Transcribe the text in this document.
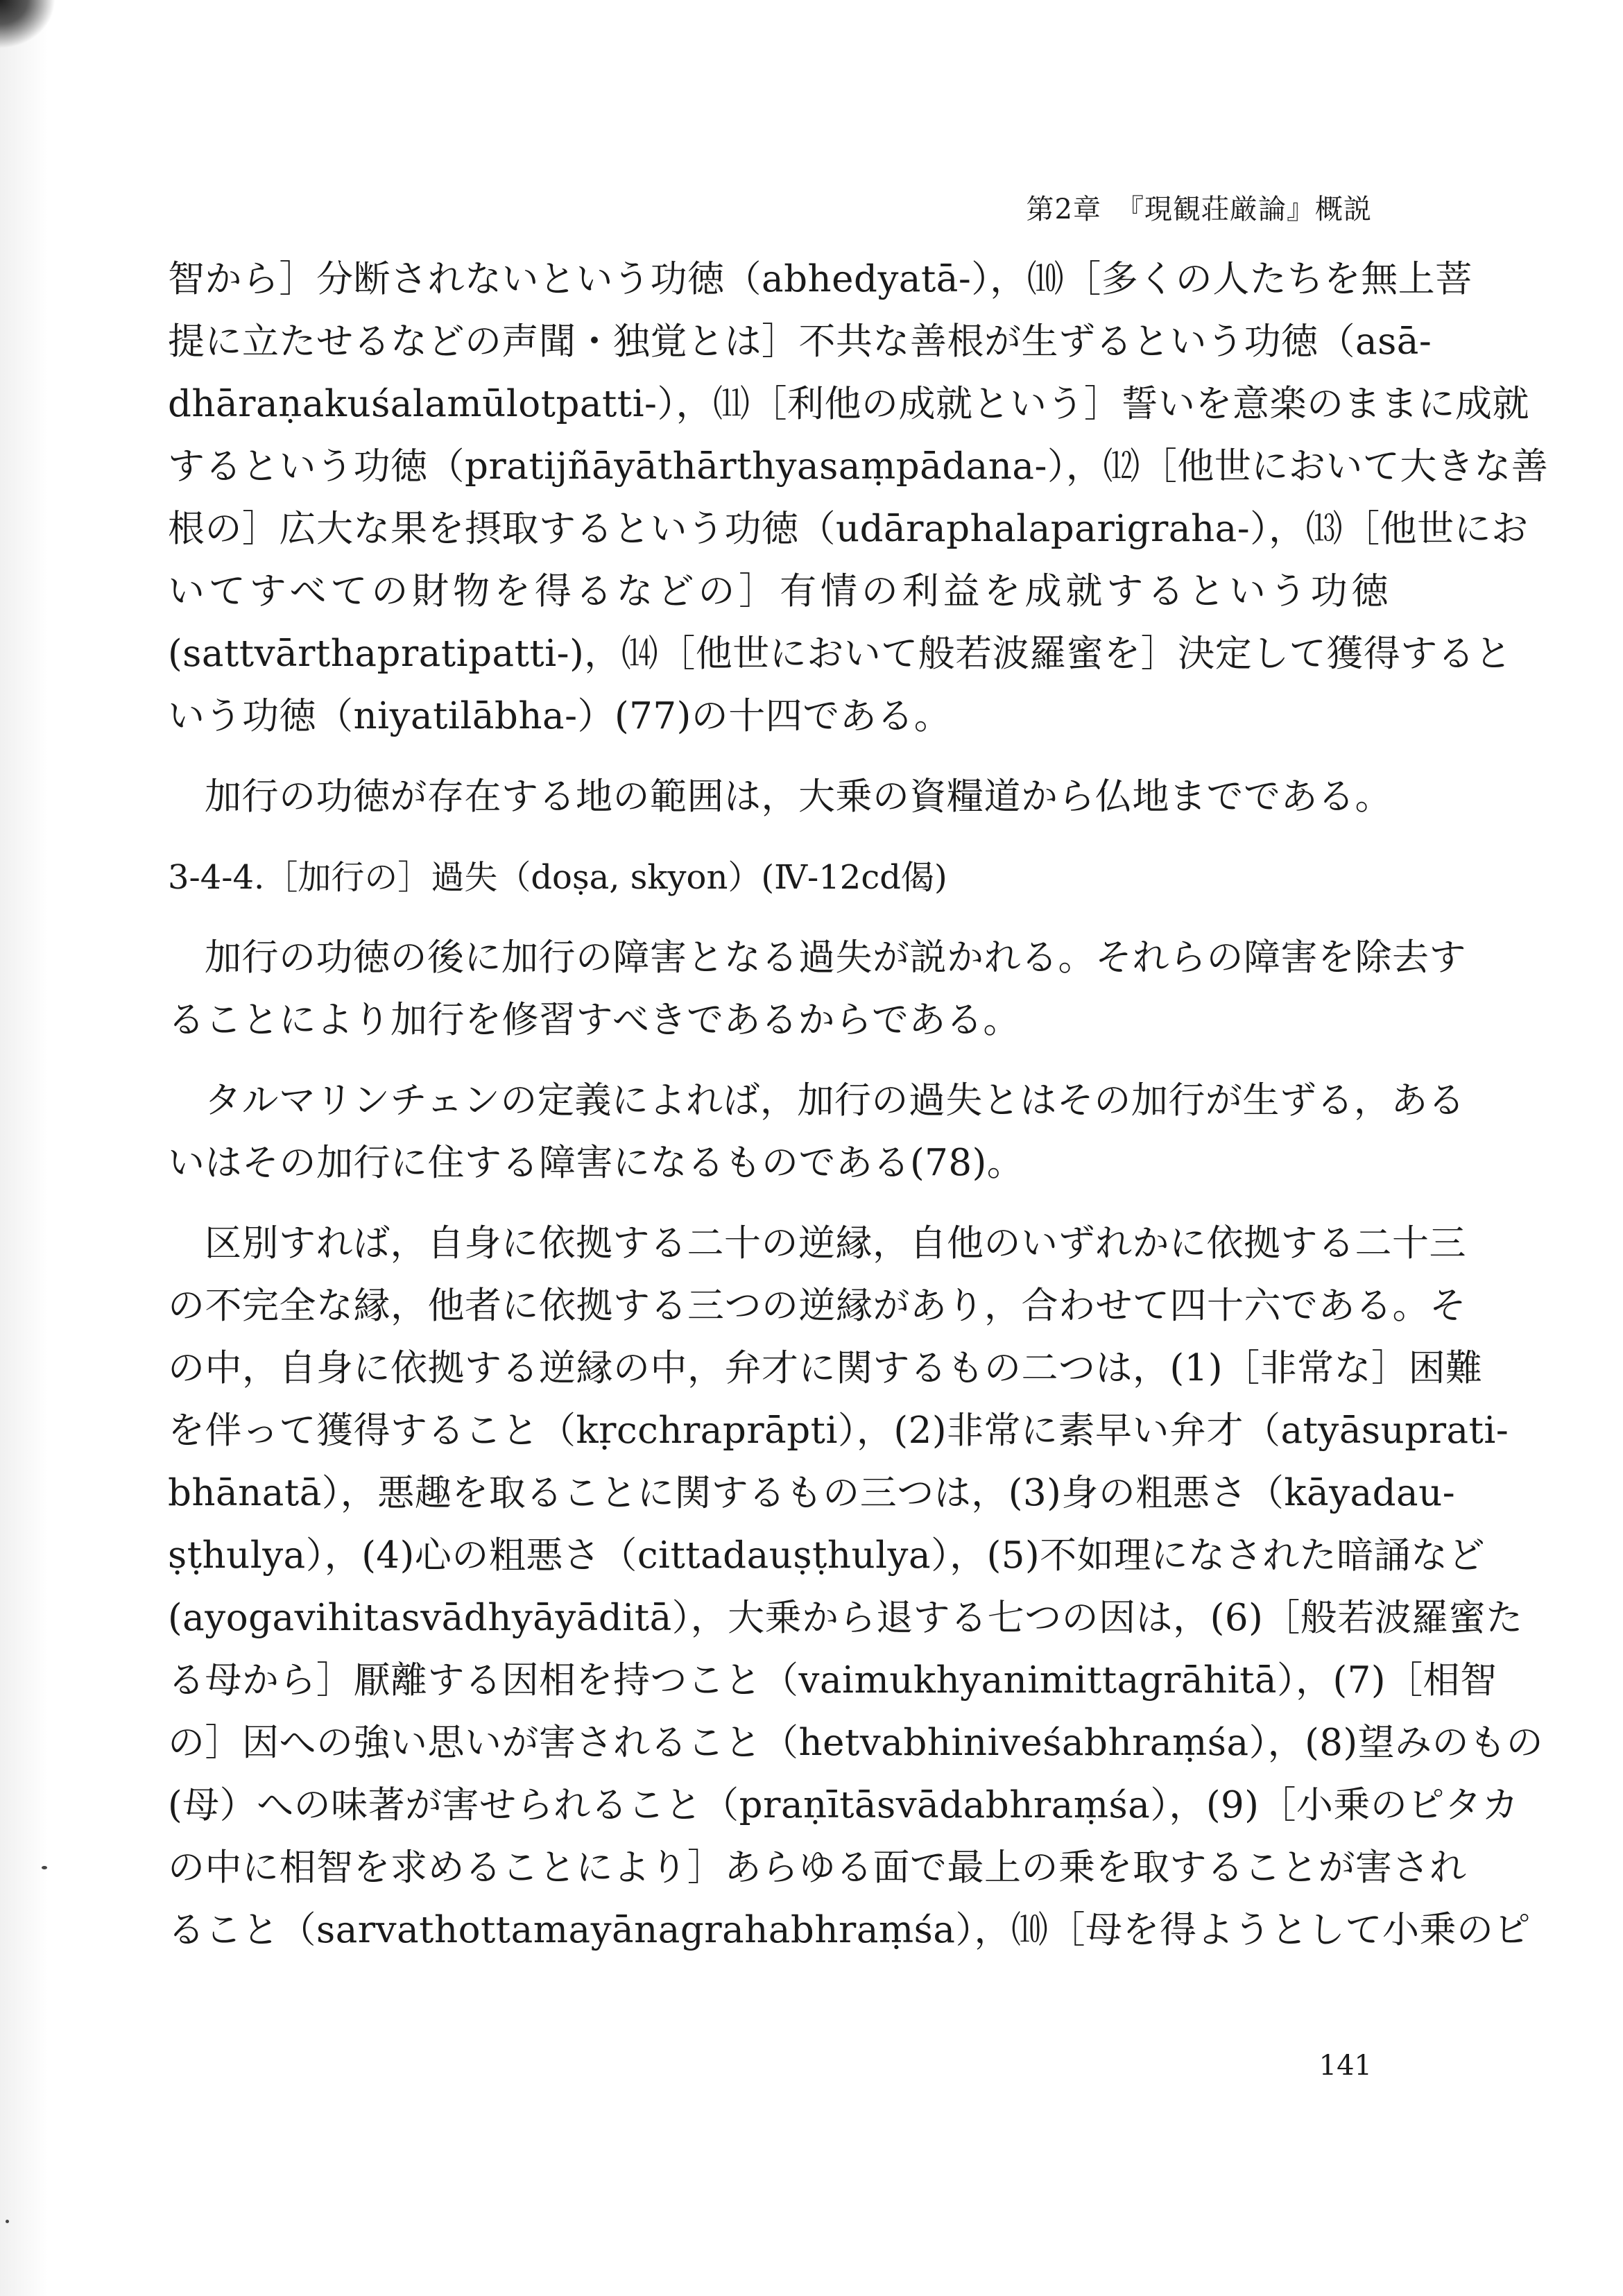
第2章　『現観荘厳論』概説
智から］分断されないという功徳（abhedyatā-），⑽［多くの人たちを無上菩
提に立たせるなどの声聞・独覚とは］不共な善根が生ずるという功徳（asā-
dhāraṇakuśalamūlotpatti-），⑾［利他の成就という］誓いを意楽のままに成就
するという功徳（pratijñāyāthārthyasaṃpādana-），⑿［他世において大きな善
根の］広大な果を摂取するという功徳（udāraphalaparigraha-），⒀［他世にお
いてすべての財物を得るなどの］有情の利益を成就するという功徳
(sattvārthapratipatti-)，⒁［他世において般若波羅蜜を］決定して獲得すると
いう功徳（niyatilābha-）(77)の十四である。
加行の功徳が存在する地の範囲は，大乗の資糧道から仏地までである。
3-4-4.［加行の］過失（doṣa, skyon）(Ⅳ-12cd偈)
加行の功徳の後に加行の障害となる過失が説かれる。それらの障害を除去す
ることにより加行を修習すべきであるからである。
タルマリンチェンの定義によれば，加行の過失とはその加行が生ずる，ある
いはその加行に住する障害になるものである(78)。
区別すれば，自身に依拠する二十の逆縁，自他のいずれかに依拠する二十三
の不完全な縁，他者に依拠する三つの逆縁があり，合わせて四十六である。そ
の中，自身に依拠する逆縁の中，弁才に関するもの二つは，(1)［非常な］困難
を伴って獲得すること（kṛcchraprāpti），(2)非常に素早い弁才（atyāsuprati-
bhānatā），悪趣を取ることに関するもの三つは，(3)身の粗悪さ（kāyadau-
ṣṭhulya），(4)心の粗悪さ（cittadauṣṭhulya），(5)不如理になされた暗誦など
(ayogavihitasvādhyāyāditā），大乗から退する七つの因は，(6)［般若波羅蜜た
る母から］厭離する因相を持つこと（vaimukhyanimittagrāhitā），(7)［相智
の］因への強い思いが害されること（hetvabhiniveśabhraṃśa），(8)望みのもの
(母）への味著が害せられること（praṇītāsvādabhraṃśa），(9)［小乗のピタカ
の中に相智を求めることにより］あらゆる面で最上の乗を取することが害され
ること（sarvathottamayānagrahabhraṃśa），⑽［母を得ようとして小乗のピ
141
